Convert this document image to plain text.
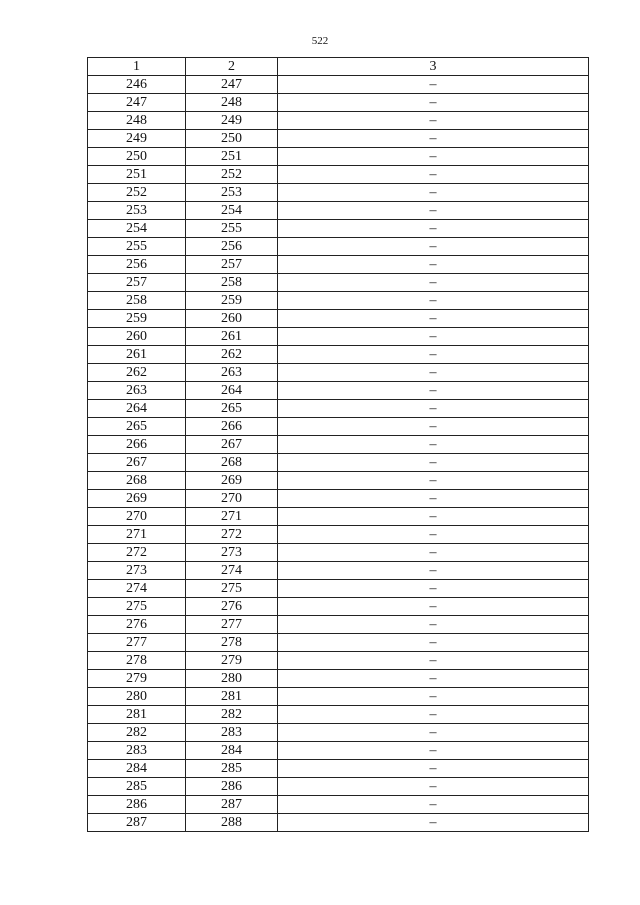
522
1	2	3
246	247	–
247	248	–
248	249	–
249	250	–
250	251	–
251	252	–
252	253	–
253	254	–
254	255	–
255	256	–
256	257	–
257	258	–
258	259	–
259	260	–
260	261	–
261	262	–
262	263	–
263	264	–
264	265	–
265	266	–
266	267	–
267	268	–
268	269	–
269	270	–
270	271	–
271	272	–
272	273	–
273	274	–
274	275	–
275	276	–
276	277	–
277	278	–
278	279	–
279	280	–
280	281	–
281	282	–
282	283	–
283	284	–
284	285	–
285	286	–
286	287	–
287	288	–
